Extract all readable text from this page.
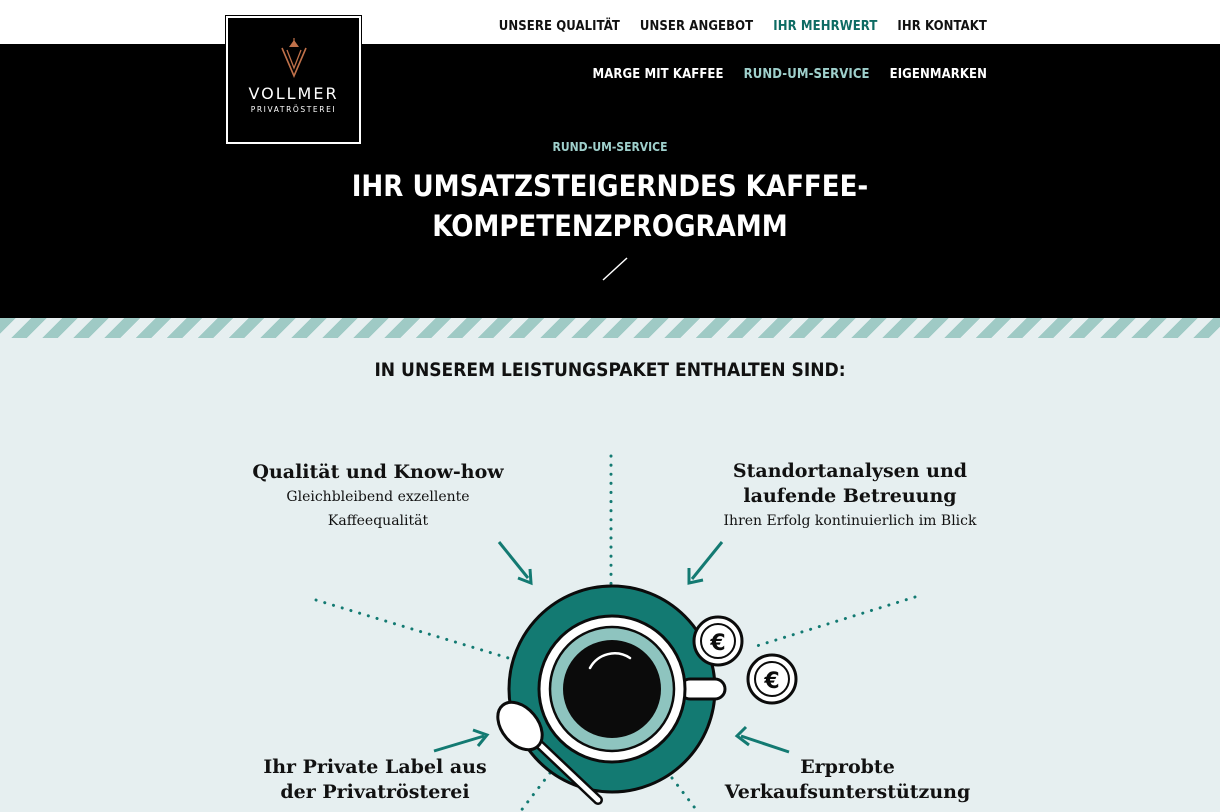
UNSERE QUALITÄT UNSER ANGEBOT IHR MEHRWERT IHR KONTAKT
MARGE MIT KAFFEE RUND-UM-SERVICE EIGENMARKEN
VOLLMER
PRIVATRÖSTEREI
RUND-UM-SERVICE
IHR UMSATZSTEIGERNDES KAFFEE-KOMPETENZPROGRAMM
IN UNSEREM LEISTUNGSPAKET ENTHALTEN SIND:
€
€
Qualität und Know-how
Gleichbleibend exzellente Kaffeequalität
Standortanalysen und laufende Betreuung
Ihren Erfolg kontinuierlich im Blick
Ihr Private Label aus der Privatrösterei
Erprobte Verkaufsunterstützung
